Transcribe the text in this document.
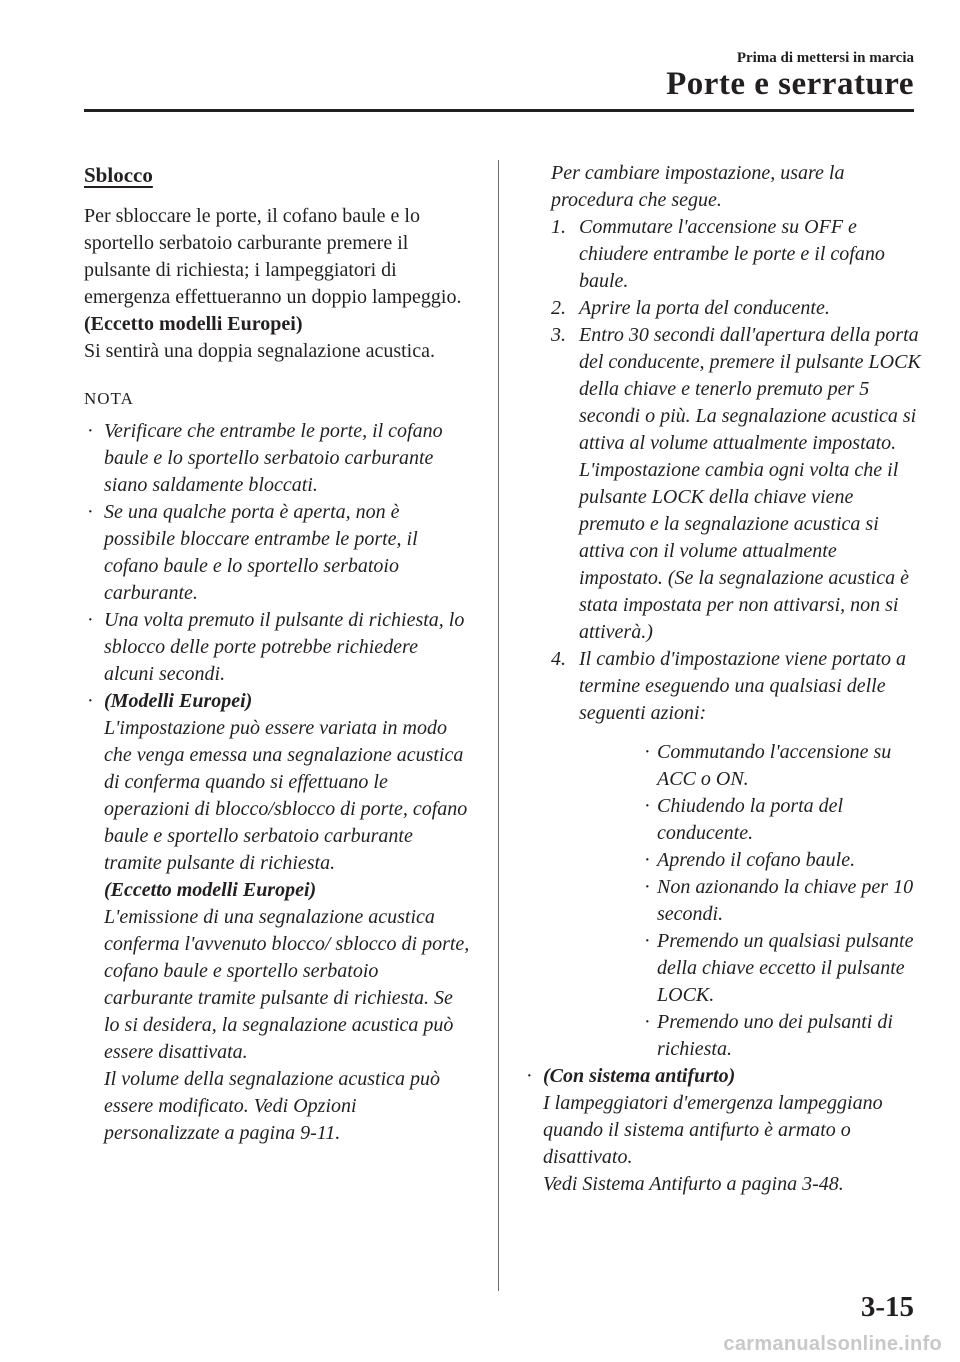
Prima di mettersi in marcia
Porte e serrature
Sblocco

Per sbloccare le porte, il cofano baule e lo sportello serbatoio carburante premere il pulsante di richiesta; i lampeggiatori di emergenza effettueranno un doppio lampeggio.

(Eccetto modelli Europei)

Si sentirà una doppia segnalazione acustica.

NOTA
· Verificare che entrambe le porte, il cofano baule e lo sportello serbatoio carburante siano saldamente bloccati.
· Se una qualche porta è aperta, non è possibile bloccare entrambe le porte, il cofano baule e lo sportello serbatoio carburante.
· Una volta premuto il pulsante di richiesta, lo sblocco delle porte potrebbe richiedere alcuni secondi.
· (Modelli Europei)
L'impostazione può essere variata in modo che venga emessa una segnalazione acustica di conferma quando si effettuano le operazioni di blocco/sblocco di porte, cofano baule e sportello serbatoio carburante tramite pulsante di richiesta.
(Eccetto modelli Europei)
L'emissione di una segnalazione acustica conferma l'avvenuto blocco/ sblocco di porte, cofano baule e sportello serbatoio carburante tramite pulsante di richiesta. Se lo si desidera, la segnalazione acustica può essere disattivata.
Il volume della segnalazione acustica può essere modificato. Vedi Opzioni personalizzate a pagina 9-11.

Per cambiare impostazione, usare la procedura che segue.

1. Commutare l'accensione su OFF e chiudere entrambe le porte e il cofano baule.
2. Aprire la porta del conducente.
3. Entro 30 secondi dall'apertura della porta del conducente, premere il pulsante LOCK della chiave e tenerlo premuto per 5 secondi o più. La segnalazione acustica si attiva al volume attualmente impostato. L'impostazione cambia ogni volta che il pulsante LOCK della chiave viene premuto e la segnalazione acustica si attiva con il volume attualmente impostato. (Se la segnalazione acustica è stata impostata per non attivarsi, non si attiverà.)
4. Il cambio d'impostazione viene portato a termine eseguendo una qualsiasi delle seguenti azioni:
· Commutando l'accensione su ACC o ON.
· Chiudendo la porta del conducente.
· Aprendo il cofano baule.
· Non azionando la chiave per 10 secondi.
· Premendo un qualsiasi pulsante della chiave eccetto il pulsante LOCK.
· Premendo uno dei pulsanti di richiesta.
· (Con sistema antifurto)
I lampeggiatori d'emergenza lampeggiano quando il sistema antifurto è armato o disattivato.
Vedi Sistema Antifurto a pagina 3-48.
3-15
carmanualsonline.info
